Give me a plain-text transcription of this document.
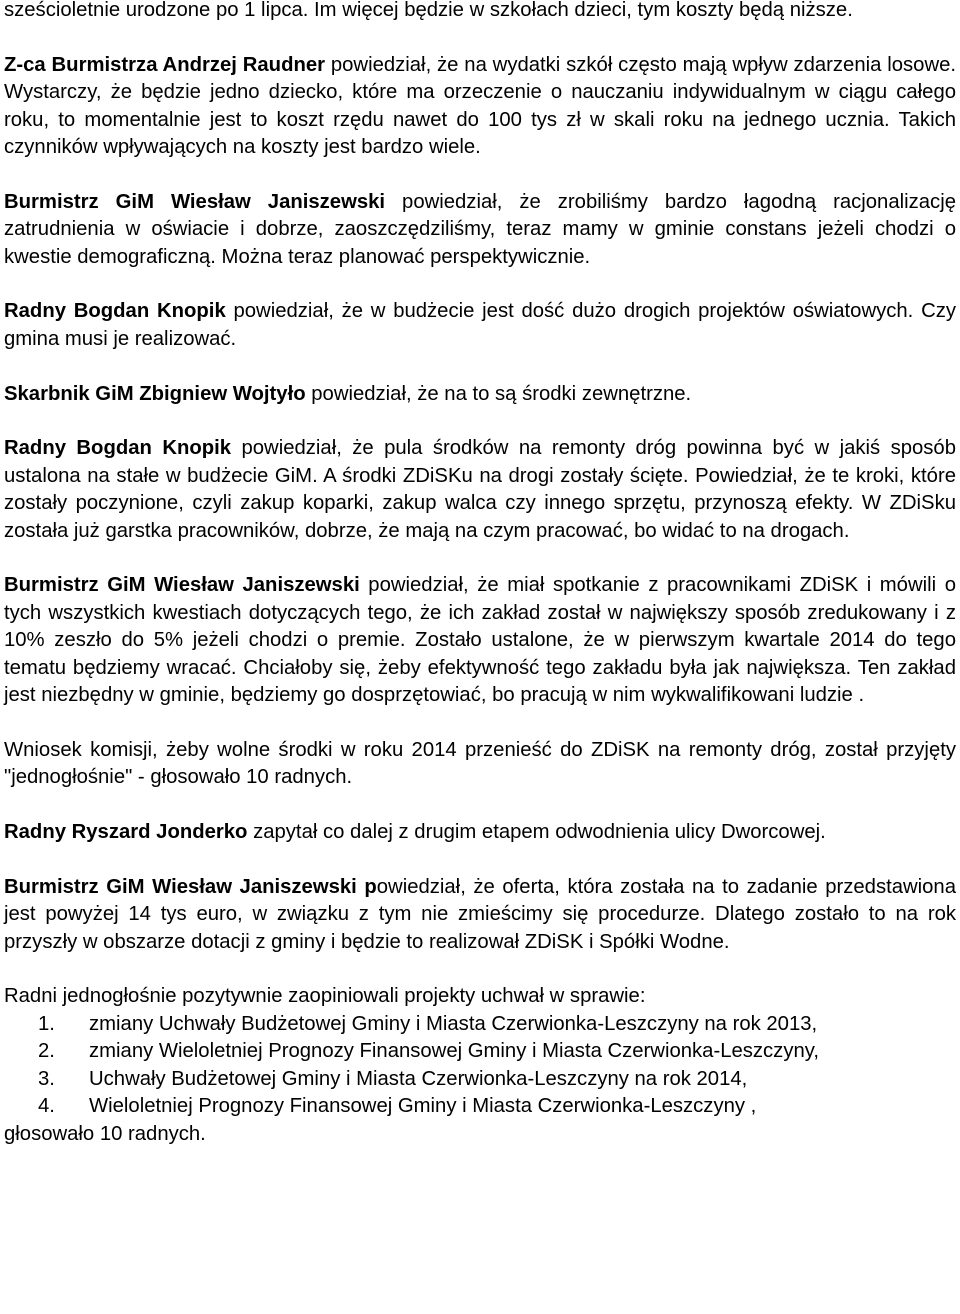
sześcioletnie urodzone po 1 lipca. Im więcej będzie w szkołach dzieci, tym koszty będą niższe.

Z-ca Burmistrza Andrzej Raudner powiedział, że na wydatki szkół często mają wpływ zdarzenia losowe. Wystarczy, że będzie jedno dziecko, które ma orzeczenie o nauczaniu indywidualnym w ciągu całego roku, to momentalnie jest to koszt rzędu nawet do 100 tys zł w skali roku na jednego ucznia. Takich czynników wpływających na koszty jest bardzo wiele.

Burmistrz GiM Wiesław Janiszewski powiedział, że zrobiliśmy bardzo łagodną racjonalizację zatrudnienia w oświacie i dobrze, zaoszczędziliśmy, teraz mamy w gminie constans jeżeli chodzi o kwestie demograficzną. Można teraz planować perspektywicznie.

Radny Bogdan Knopik powiedział, że w budżecie jest dość dużo drogich projektów oświatowych. Czy gmina musi je realizować.

Skarbnik GiM Zbigniew Wojtyło powiedział, że na to są środki zewnętrzne.

Radny Bogdan Knopik powiedział, że pula środków na remonty dróg powinna być w jakiś sposób ustalona na stałe w budżecie GiM. A środki ZDiSKu na drogi zostały ścięte. Powiedział, że te kroki, które zostały poczynione, czyli zakup koparki, zakup walca czy innego sprzętu, przynoszą efekty. W ZDiSku została już garstka pracowników, dobrze, że mają na czym pracować, bo widać to na drogach.

Burmistrz GiM Wiesław Janiszewski powiedział, że miał spotkanie z pracownikami ZDiSK i mówili o tych wszystkich kwestiach dotyczących tego, że ich zakład został w największy sposób zredukowany i z 10% zeszło do 5% jeżeli chodzi o premie. Zostało ustalone, że w pierwszym kwartale 2014 do tego tematu będziemy wracać. Chciałoby się, żeby efektywność tego zakładu była jak największa. Ten zakład jest niezbędny w gminie, będziemy go dosprzętowiać, bo pracują w nim wykwalifikowani ludzie .

Wniosek komisji, żeby wolne środki w roku 2014 przenieść do ZDiSK na remonty dróg, został przyjęty "jednogłośnie" - głosowało 10 radnych.

Radny Ryszard Jonderko zapytał co dalej z drugim etapem odwodnienia ulicy Dworcowej.

Burmistrz GiM Wiesław Janiszewski powiedział, że oferta, która została na to zadanie przedstawiona jest powyżej 14 tys euro, w związku z tym nie zmieścimy się procedurze. Dlatego zostało to na rok przyszły w obszarze dotacji z gminy i będzie to realizował ZDiSK i Spółki Wodne.

Radni jednogłośnie pozytywnie zaopiniowali projekty uchwał w sprawie:
1.	zmiany Uchwały Budżetowej Gminy i Miasta Czerwionka-Leszczyny na rok 2013,
2.	zmiany Wieloletniej Prognozy Finansowej Gminy i Miasta Czerwionka-Leszczyny,
3.	Uchwały Budżetowej Gminy i Miasta Czerwionka-Leszczyny na rok 2014,
4.	Wieloletniej Prognozy Finansowej Gminy i Miasta Czerwionka-Leszczyny ,
głosowało 10 radnych.
